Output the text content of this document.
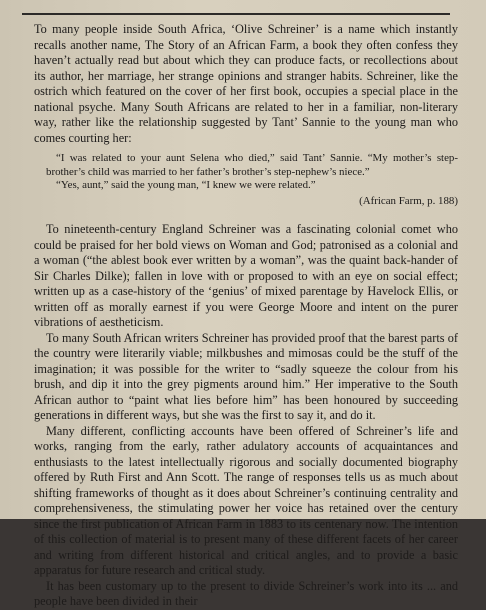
To many people inside South Africa, ‘Olive Schreiner’ is a name which instantly recalls another name, The Story of an African Farm, a book they often confess they haven’t actually read but about which they can produce facts, or recollections about its author, her marriage, her strange opinions and stranger habits. Schreiner, like the ostrich which featured on the cover of her first book, occupies a special place in the national psyche. Many South Africans are related to her in a familiar, non-literary way, rather like the relationship suggested by Tant’ Sannie to the young man who comes courting her:

“I was related to your aunt Selena who died,” said Tant’ Sannie. “My mother’s step-brother’s child was married to her father’s brother’s step-nephew’s niece.”

“Yes, aunt,” said the young man, “I knew we were related.”

(African Farm, p. 188)

To nineteenth-century England Schreiner was a fascinating colonial comet who could be praised for her bold views on Woman and God; patronised as a colonial and a woman (“the ablest book ever written by a woman”, was the quaint back-hander of Sir Charles Dilke); fallen in love with or proposed to with an eye on social effect; written up as a case-history of the ‘genius’ of mixed parentage by Havelock Ellis, or written off as morally earnest if you were George Moore and intent on the purer vibrations of aestheticism.

To many South African writers Schreiner has provided proof that the barest parts of the country were literarily viable; milkbushes and mimosas could be the stuff of the imagination; it was possible for the writer to “sadly squeeze the colour from his brush, and dip it into the grey pigments around him.” Her imperative to the South African author to “paint what lies before him” has been honoured by succeeding generations in different ways, but she was the first to say it, and do it.

Many different, conflicting accounts have been offered of Schreiner’s life and works, ranging from the early, rather adulatory accounts of acquaintances and enthusiasts to the latest intellectually rigorous and socially documented biography offered by Ruth First and Ann Scott. The range of responses tells us as much about shifting frameworks of thought as it does about Schreiner’s continuing centrality and comprehensiveness, the stimulating power her voice has retained over the century since the first publication of African Farm in 1883 to its centenary now. The intention of this collection of material is to present many of these different facets of her career and writing from different historical and critical angles, and to provide a basic apparatus for future research and critical study.

It has been customary up to the present to divide Schreiner’s work into its ... and people have been divided in their
